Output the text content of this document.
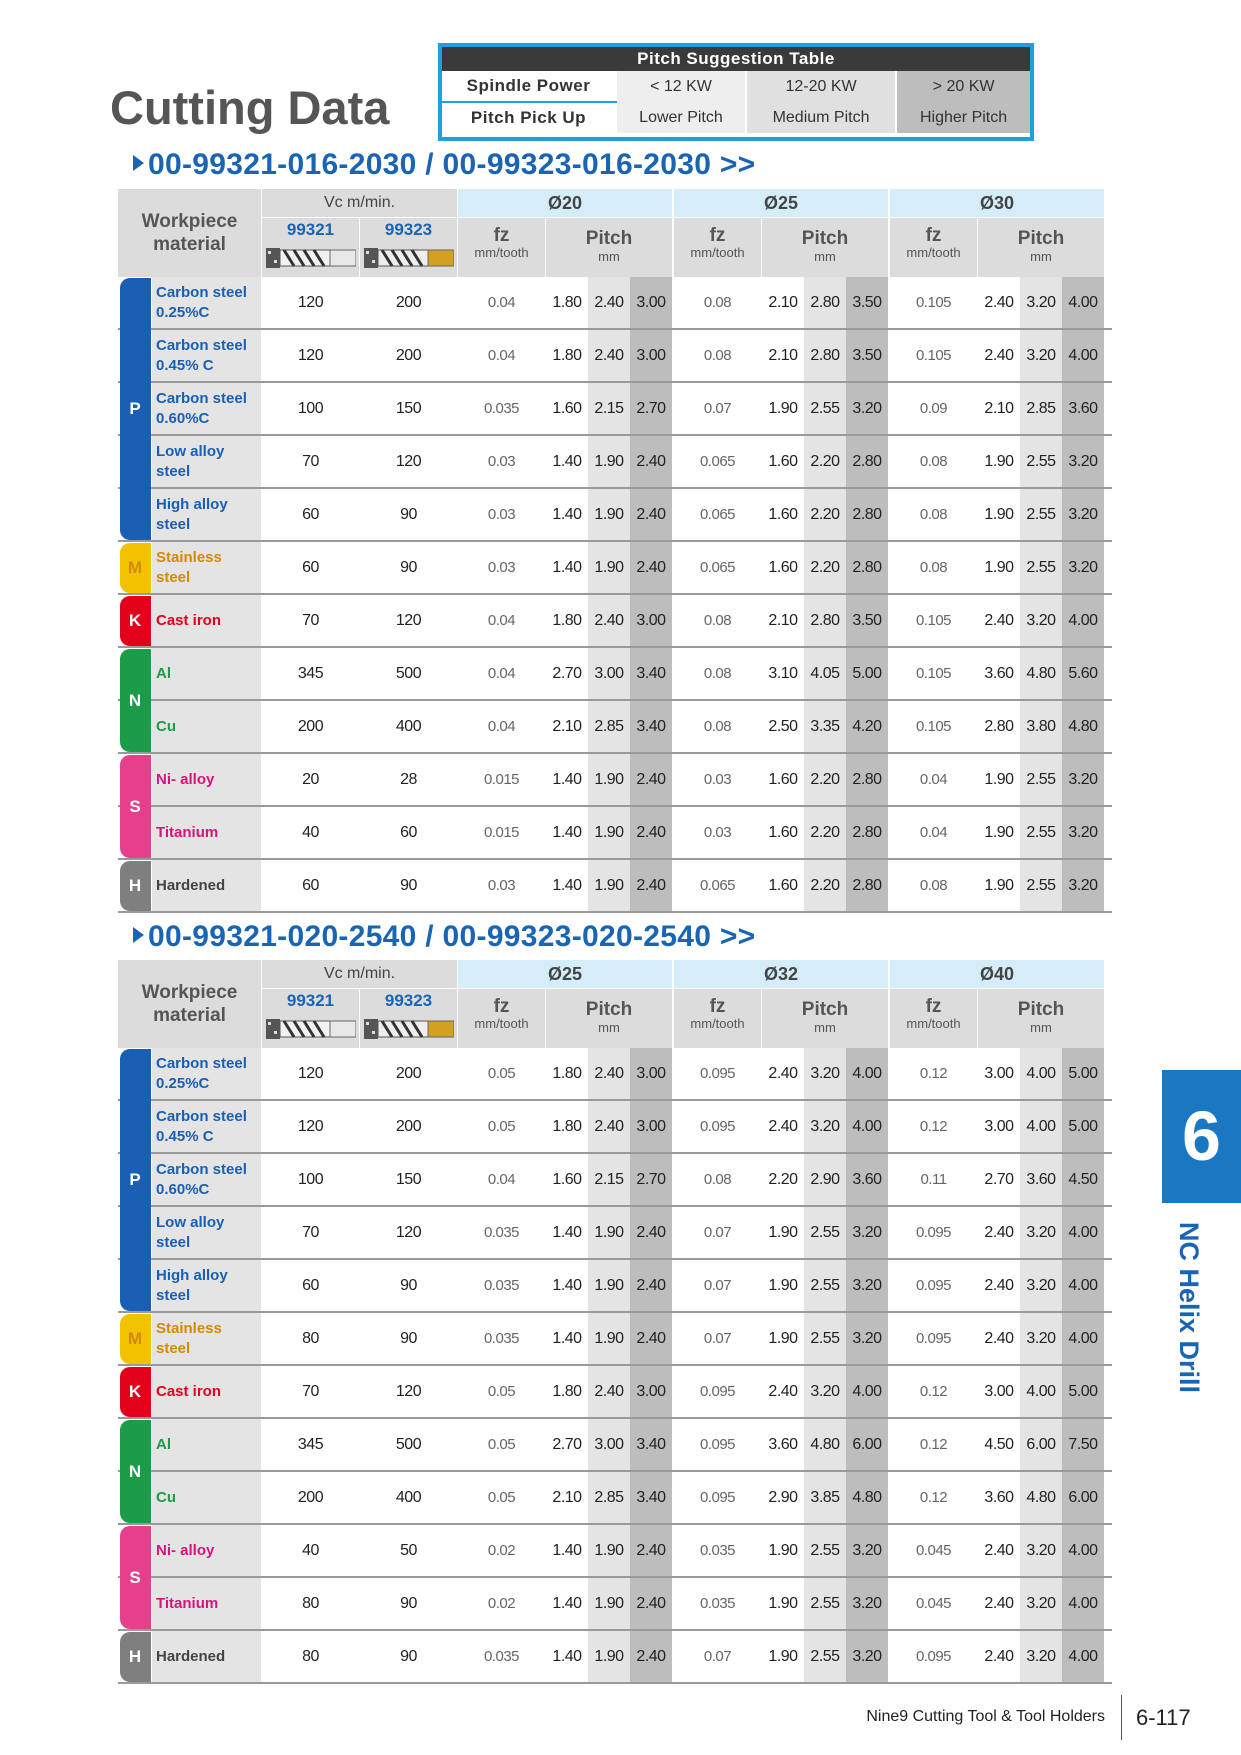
Cutting Data
Pitch Suggestion Table			
Spindle Power	< 12 KW	12-20 KW	> 20 KW
Pitch Pick Up	Lower Pitch	Medium Pitch	Higher Pitch
00-99321-016-2030 / 00-99323-016-2030 >>
Workpiece
material
Vc m/min.
99321	99323
Ø20
fz
mm/tooth
Pitch
mm
Ø25
fz
mm/tooth
Pitch
mm
Ø30
fz
mm/tooth
Pitch
mm
Carbon steel
0.25%C
120	200	0.04	1.80 2.40 3.00	0.08	2.10 2.80 3.50	0.105	2.40 3.20 4.00
Carbon steel
0.45% C
120	200	0.04	1.80 2.40 3.00	0.08	2.10 2.80 3.50	0.105	2.40 3.20 4.00
Carbon steel
0.60%C
100	150	0.035	1.60 2.15 2.70	0.07	1.90 2.55 3.20	0.09	2.10 2.85 3.60
Low alloy
steel
70	120	0.03	1.40 1.90 2.40	0.065	1.60 2.20 2.80	0.08	1.90 2.55 3.20
High alloy
steel
60	90	0.03	1.40 1.90 2.40	0.065	1.60 2.20 2.80	0.08	1.90 2.55 3.20
Stainless
steel
60	90	0.03	1.40 1.90 2.40	0.065	1.60 2.20 2.80	0.08	1.90 2.55 3.20
Cast iron	70	120	0.04	1.80 2.40 3.00	0.08	2.10 2.80 3.50	0.105	2.40 3.20 4.00
Al	345	500	0.04	2.70 3.00 3.40	0.08	3.10 4.05 5.00	0.105	3.60 4.80 5.60
Cu	200	400	0.04	2.10 2.85 3.40	0.08	2.50 3.35 4.20	0.105	2.80 3.80 4.80
Ni- alloy	20	28	0.015	1.40 1.90 2.40	0.03	1.60 2.20 2.80	0.04	1.90 2.55 3.20
Titanium	40	60	0.015	1.40 1.90 2.40	0.03	1.60 2.20 2.80	0.04	1.90 2.55 3.20
Hardened	60	90	0.03	1.40 1.90 2.40	0.065	1.60 2.20 2.80	0.08	1.90 2.55 3.20
P
M
K
N
S
H
00-99321-020-2540 / 00-99323-020-2540 >>
Workpiece
material
Vc m/min.
99321	99323
Ø25
fz
mm/tooth
Pitch
mm
Ø32
fz
mm/tooth
Pitch
mm
Ø40
fz
mm/tooth
Pitch
mm
Carbon steel
0.25%C
120	200	0.05	1.80 2.40 3.00	0.095	2.40 3.20 4.00	0.12	3.00 4.00 5.00
Carbon steel
0.45% C
120	200	0.05	1.80 2.40 3.00	0.095	2.40 3.20 4.00	0.12	3.00 4.00 5.00
Carbon steel
0.60%C
100	150	0.04	1.60 2.15 2.70	0.08	2.20 2.90 3.60	0.11	2.70 3.60 4.50
Low alloy
steel
70	120	0.035	1.40 1.90 2.40	0.07	1.90 2.55 3.20	0.095	2.40 3.20 4.00
High alloy
steel
60	90	0.035	1.40 1.90 2.40	0.07	1.90 2.55 3.20	0.095	2.40 3.20 4.00
Stainless
steel
80	90	0.035	1.40 1.90 2.40	0.07	1.90 2.55 3.20	0.095	2.40 3.20 4.00
Cast iron	70	120	0.05	1.80 2.40 3.00	0.095	2.40 3.20 4.00	0.12	3.00 4.00 5.00
Al	345	500	0.05	2.70 3.00 3.40	0.095	3.60 4.80 6.00	0.12	4.50 6.00 7.50
Cu	200	400	0.05	2.10 2.85 3.40	0.095	2.90 3.85 4.80	0.12	3.60 4.80 6.00
Ni- alloy	40	50	0.02	1.40 1.90 2.40	0.035	1.90 2.55 3.20	0.045	2.40 3.20 4.00
Titanium	80	90	0.02	1.40 1.90 2.40	0.035	1.90 2.55 3.20	0.045	2.40 3.20 4.00
Hardened	80	90	0.035	1.40 1.90 2.40	0.07	1.90 2.55 3.20	0.095	2.40 3.20 4.00
P
M
K
N
S
H
6
NC Helix Drill
Nine9 Cutting Tool & Tool Holders 6-117
